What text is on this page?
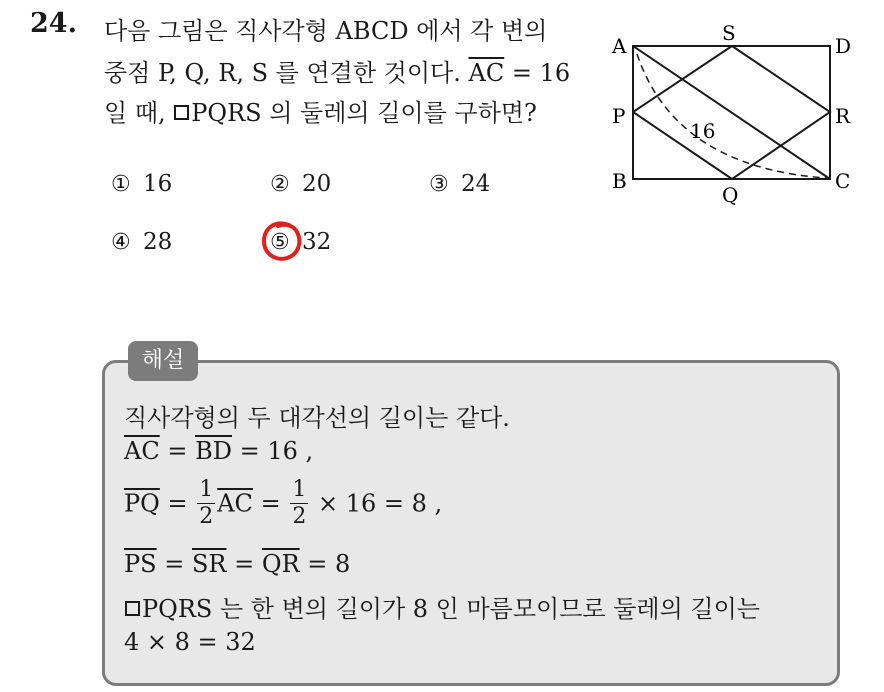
24. 다음 그림은 직사각형 ABCD 에서 각 변의
중점 P, Q, R, S 를 연결한 것이다. $\overline{AC} = 16$
일 때, PQRS 의 둘레의 길이를 구하면?
① 16	② 20	③ 24
④ 28	⑤ 32
A
S
D
P	R
B
Q
C
16
해설
직사각형의 두 대각선의 길이는 같다.
$\overline{AC} = \overline{BD} = 16$ ,
$\overline{PQ} = \frac{1}{2} \overline{AC} = \frac{1}{2} \times 16 = 8$ ,
$\overline{PS} = \overline{SR} = \overline{QR} = 8$
PQRS 는 한 변의 길이가 8 인 마름모이므로 둘레의 길이는
4 × 8 = 32
